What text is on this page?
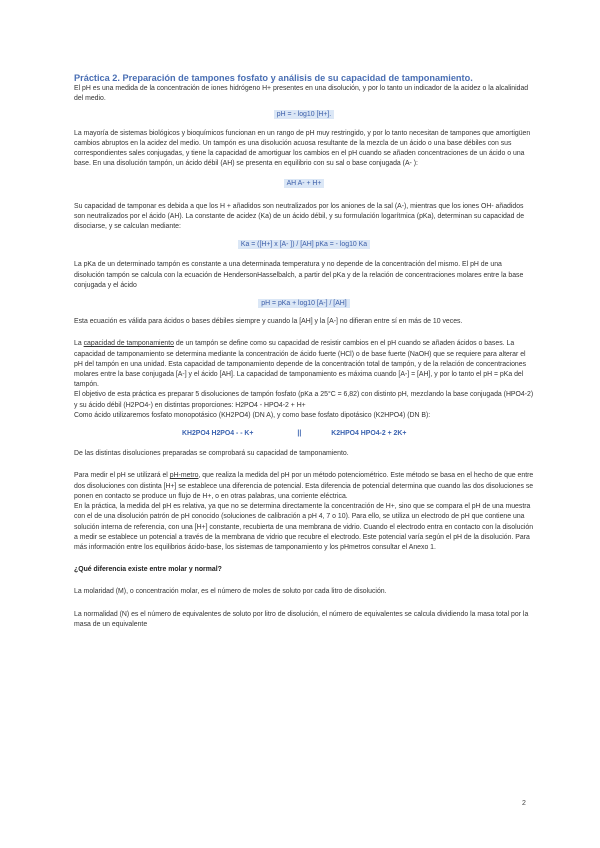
Práctica 2. Preparación de tampones fosfato y análisis de su capacidad de tamponamiento.

El pH es una medida de la concentración de iones hidrógeno H+ presentes en una disolución, y por lo tanto un indicador de la acidez o la alcalinidad del medio.

pH = - log10 [H+].

La mayoría de sistemas biológicos y bioquímicos funcionan en un rango de pH muy restringido, y por lo tanto necesitan de tampones que amortigüen cambios abruptos en la acidez del medio. Un tampón es una disolución acuosa resultante de la mezcla de un ácido o una base débiles con sus correspondientes sales conjugadas, y tiene la capacidad de amortiguar los cambios en el pH cuando se añaden concentraciones de un ácido o una base. En una disolución tampón, un ácido débil (AH) se presenta en equilibrio con su sal o base conjugada (A- ):

AH A- + H+

Su capacidad de tamponar es debida a que los H + añadidos son neutralizados por los aniones de la sal (A-), mientras que los iones OH- añadidos son neutralizados por el ácido (AH). La constante de acidez (Ka) de un ácido débil, y su formulación logarítmica (pKa), determinan su capacidad de disociarse, y se calculan mediante:

Ka = ([H+] x [A- ]) / [AH] pKa = - log10 Ka

La pKa de un determinado tampón es constante a una determinada temperatura y no depende de la concentración del mismo. El pH de una disolución tampón se calcula con la ecuación de HendersonHasselbalch, a partir del pKa y de la relación de concentraciones molares entre la base conjugada y el ácido

pH = pKa + log10 [A-] / [AH]

Esta ecuación es válida para ácidos o bases débiles siempre y cuando la [AH] y la [A-] no difieran entre sí en más de 10 veces.

La capacidad de tamponamiento de un tampón se define como su capacidad de resistir cambios en el pH cuando se añaden ácidos o bases. La capacidad de tamponamiento se determina mediante la concentración de ácido fuerte (HCl) o de base fuerte (NaOH) que se requiere para alterar el pH del tampón en una unidad. Esta capacidad de tamponamiento depende de la concentración total de tampón, y de la relación de concentraciones molares entre la base conjugada [A-] y el ácido [AH]. La capacidad de tamponamiento es máxima cuando [A-] = [AH], y por lo tanto el pH = pKa del tampón.

El objetivo de esta práctica es preparar 5 disoluciones de tampón fosfato (pKa a 25°C = 6,82) con distinto pH, mezclando la base conjugada (HPO4-2) y su ácido débil (H2PO4-) en distintas proporciones: H2PO4 - HPO4-2 + H+

Como ácido utilizaremos fosfato monopotásico (KH2PO4) (DN A), y como base fosfato dipotásico (K2HPO4) (DN B):

KH2PO4 H2PO4 - - K+	||	K2HPO4 HPO4-2 + 2K+

De las distintas disoluciones preparadas se comprobará su capacidad de tamponamiento.

Para medir el pH se utilizará el pH-metro, que realiza la medida del pH por un método potenciométrico. Este método se basa en el hecho de que entre dos disoluciones con distinta [H+] se establece una diferencia de potencial. Esta diferencia de potencial determina que cuando las dos disoluciones se ponen en contacto se produce un flujo de H+, o en otras palabras, una corriente eléctrica.

En la práctica, la medida del pH es relativa, ya que no se determina directamente la concentración de H+, sino que se compara el pH de una muestra con el de una disolución patrón de pH conocido (soluciones de calibración a pH 4, 7 o 10). Para ello, se utiliza un electrodo de pH que contiene una solución interna de referencia, con una [H+] constante, recubierta de una membrana de vidrio. Cuando el electrodo entra en contacto con la disolución a medir se establece un potencial a través de la membrana de vidrio que recubre el electrodo. Este potencial varía según el pH de la disolución. Para más información entre los equilibrios ácido-base, los sistemas de tamponamiento y los pHmetros consultar el Anexo 1.

¿Qué diferencia existe entre molar y normal?

La molaridad (M), o concentración molar, es el número de moles de soluto por cada litro de disolución.

La normalidad (N) es el número de equivalentes de soluto por litro de disolución, el número de equivalentes se calcula dividiendo la masa total por la masa de un equivalente

2
